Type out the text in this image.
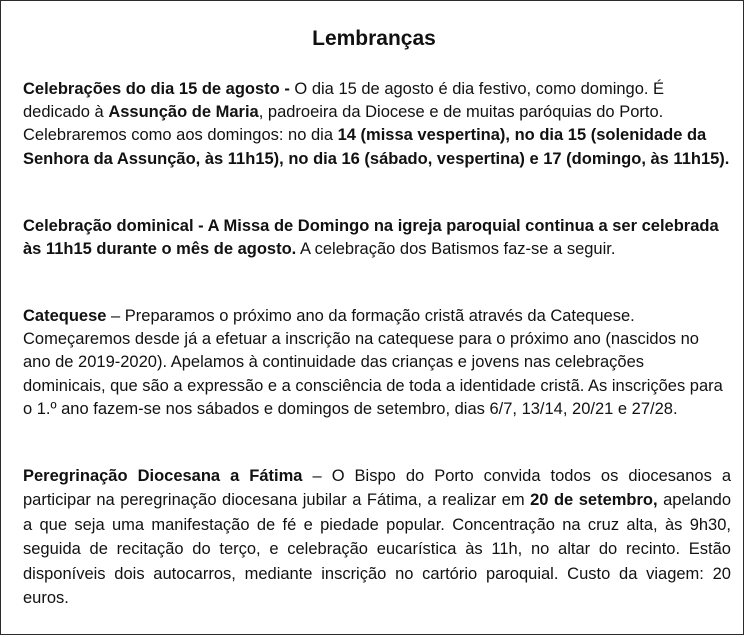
Lembranças

Celebrações do dia 15 de agosto - O dia 15 de agosto é dia festivo, como domingo. É dedicado à Assunção de Maria, padroeira da Diocese e de muitas paróquias do Porto. Celebraremos como aos domingos: no dia 14 (missa vespertina), no dia 15 (solenidade da Senhora da Assunção, às 11h15), no dia 16 (sábado, vespertina) e 17 (domingo, às 11h15).

Celebração dominical - A Missa de Domingo na igreja paroquial continua a ser celebrada às 11h15 durante o mês de agosto. A celebração dos Batismos faz-se a seguir.

Catequese – Preparamos o próximo ano da formação cristã através da Catequese. Começaremos desde já a efetuar a inscrição na catequese para o próximo ano (nascidos no ano de 2019-2020). Apelamos à continuidade das crianças e jovens nas celebrações dominicais, que são a expressão e a consciência de toda a identidade cristã. As inscrições para o 1.º ano fazem-se nos sábados e domingos de setembro, dias 6/7, 13/14, 20/21 e 27/28.

Peregrinação Diocesana a Fátima – O Bispo do Porto convida todos os diocesanos a participar na peregrinação diocesana jubilar a Fátima, a realizar em 20 de setembro, apelando a que seja uma manifestação de fé e piedade popular. Concentração na cruz alta, às 9h30, seguida de recitação do terço, e celebração eucarística às 11h, no altar do recinto. Estão disponíveis dois autocarros, mediante inscrição no cartório paroquial. Custo da viagem: 20 euros.
